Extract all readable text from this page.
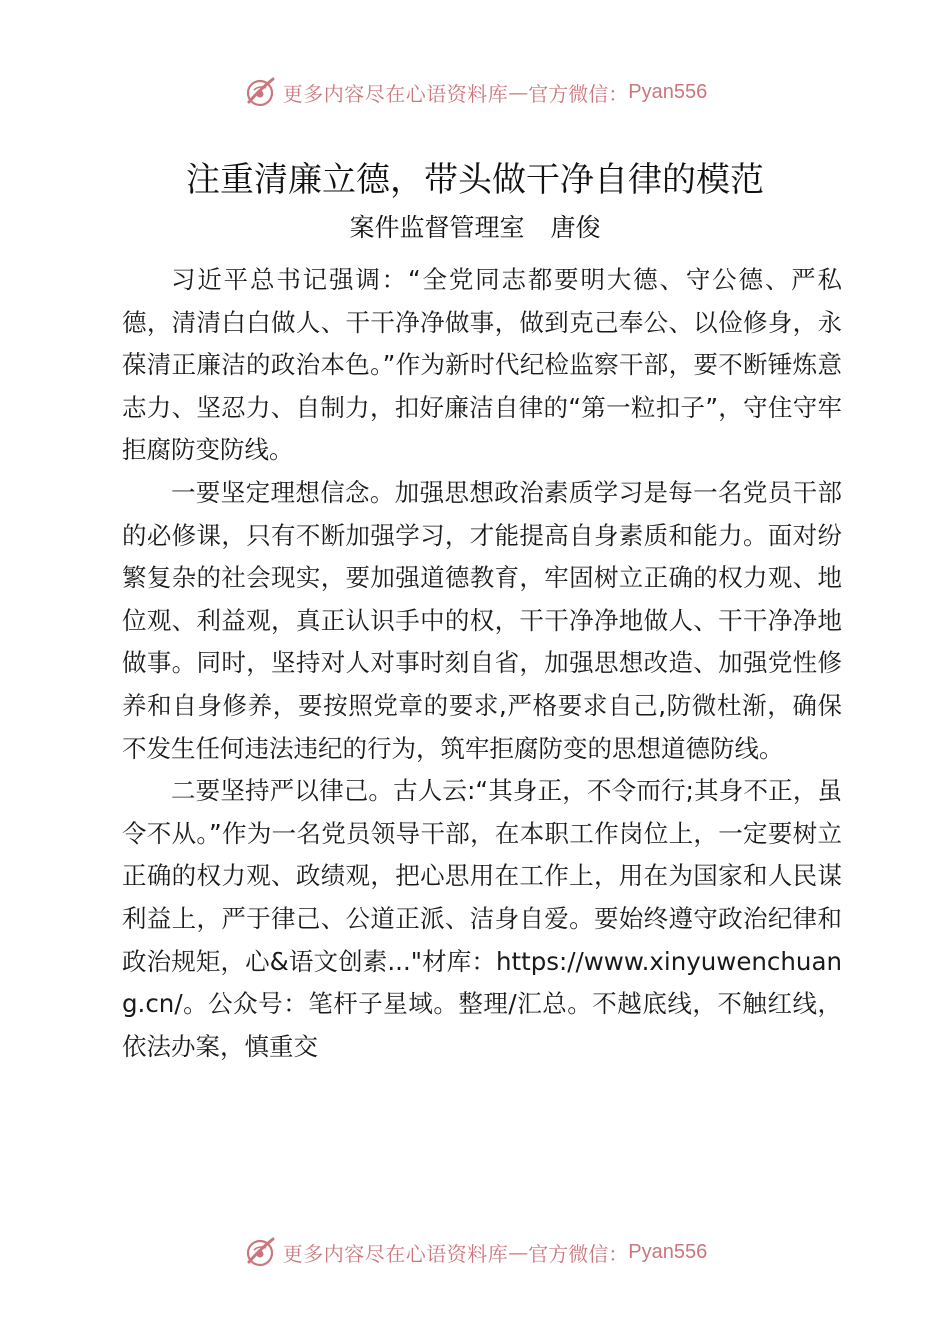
更多内容尽在心语资料库 — 官方微信： Pyan556
注重清廉立德，带头做干净自律的模范
案件监督管理室 唐俊

习近平总书记强调：“全党同志都要明大德、守公德、严私德，清清白白做人、干干净净做事，做到克己奉公、以俭修身，永葆清正廉洁的政治本色。”作为新时代纪检监察干部，要不断锤炼意志力、坚忍力、自制力，扣好廉洁自律的“第一粒扣子”，守住守牢拒腐防变防线。

一要坚定理想信念。加强思想政治素质学习是每一名党员干部的必修课，只有不断加强学习，才能提高自身素质和能力。面对纷繁复杂的社会现实，要加强道德教育，牢固树立正确的权力观、地位观、利益观，真正认识手中的权，干干净净地做人、干干净净地做事。同时，坚持对人对事时刻自省，加强思想改造、加强党性修养和自身修养，要按照党章的要求,严格要求自己,防微杜渐，确保不发生任何违法违纪的行为，筑牢拒腐防变的思想道德防线。

二要坚持严以律己。古人云:“其身正，不令而行;其身不正，虽令不从。”作为一名党员领导干部，在本职工作岗位上，一定要树立正确的权力观、政绩观，把心思用在工作上，用在为国家和人民谋利益上，严于律己、公道正派、洁身自爱。要始终遵守政治纪律和政治规矩，心&语文创素..."材库：https://www.xinyuwenchuang.cn/。公众号：笔杆子星域。整理/汇总。不越底线，不触红线，依法办案，慎重交

更多内容尽在心语资料库 — 官方微信： Pyan556
